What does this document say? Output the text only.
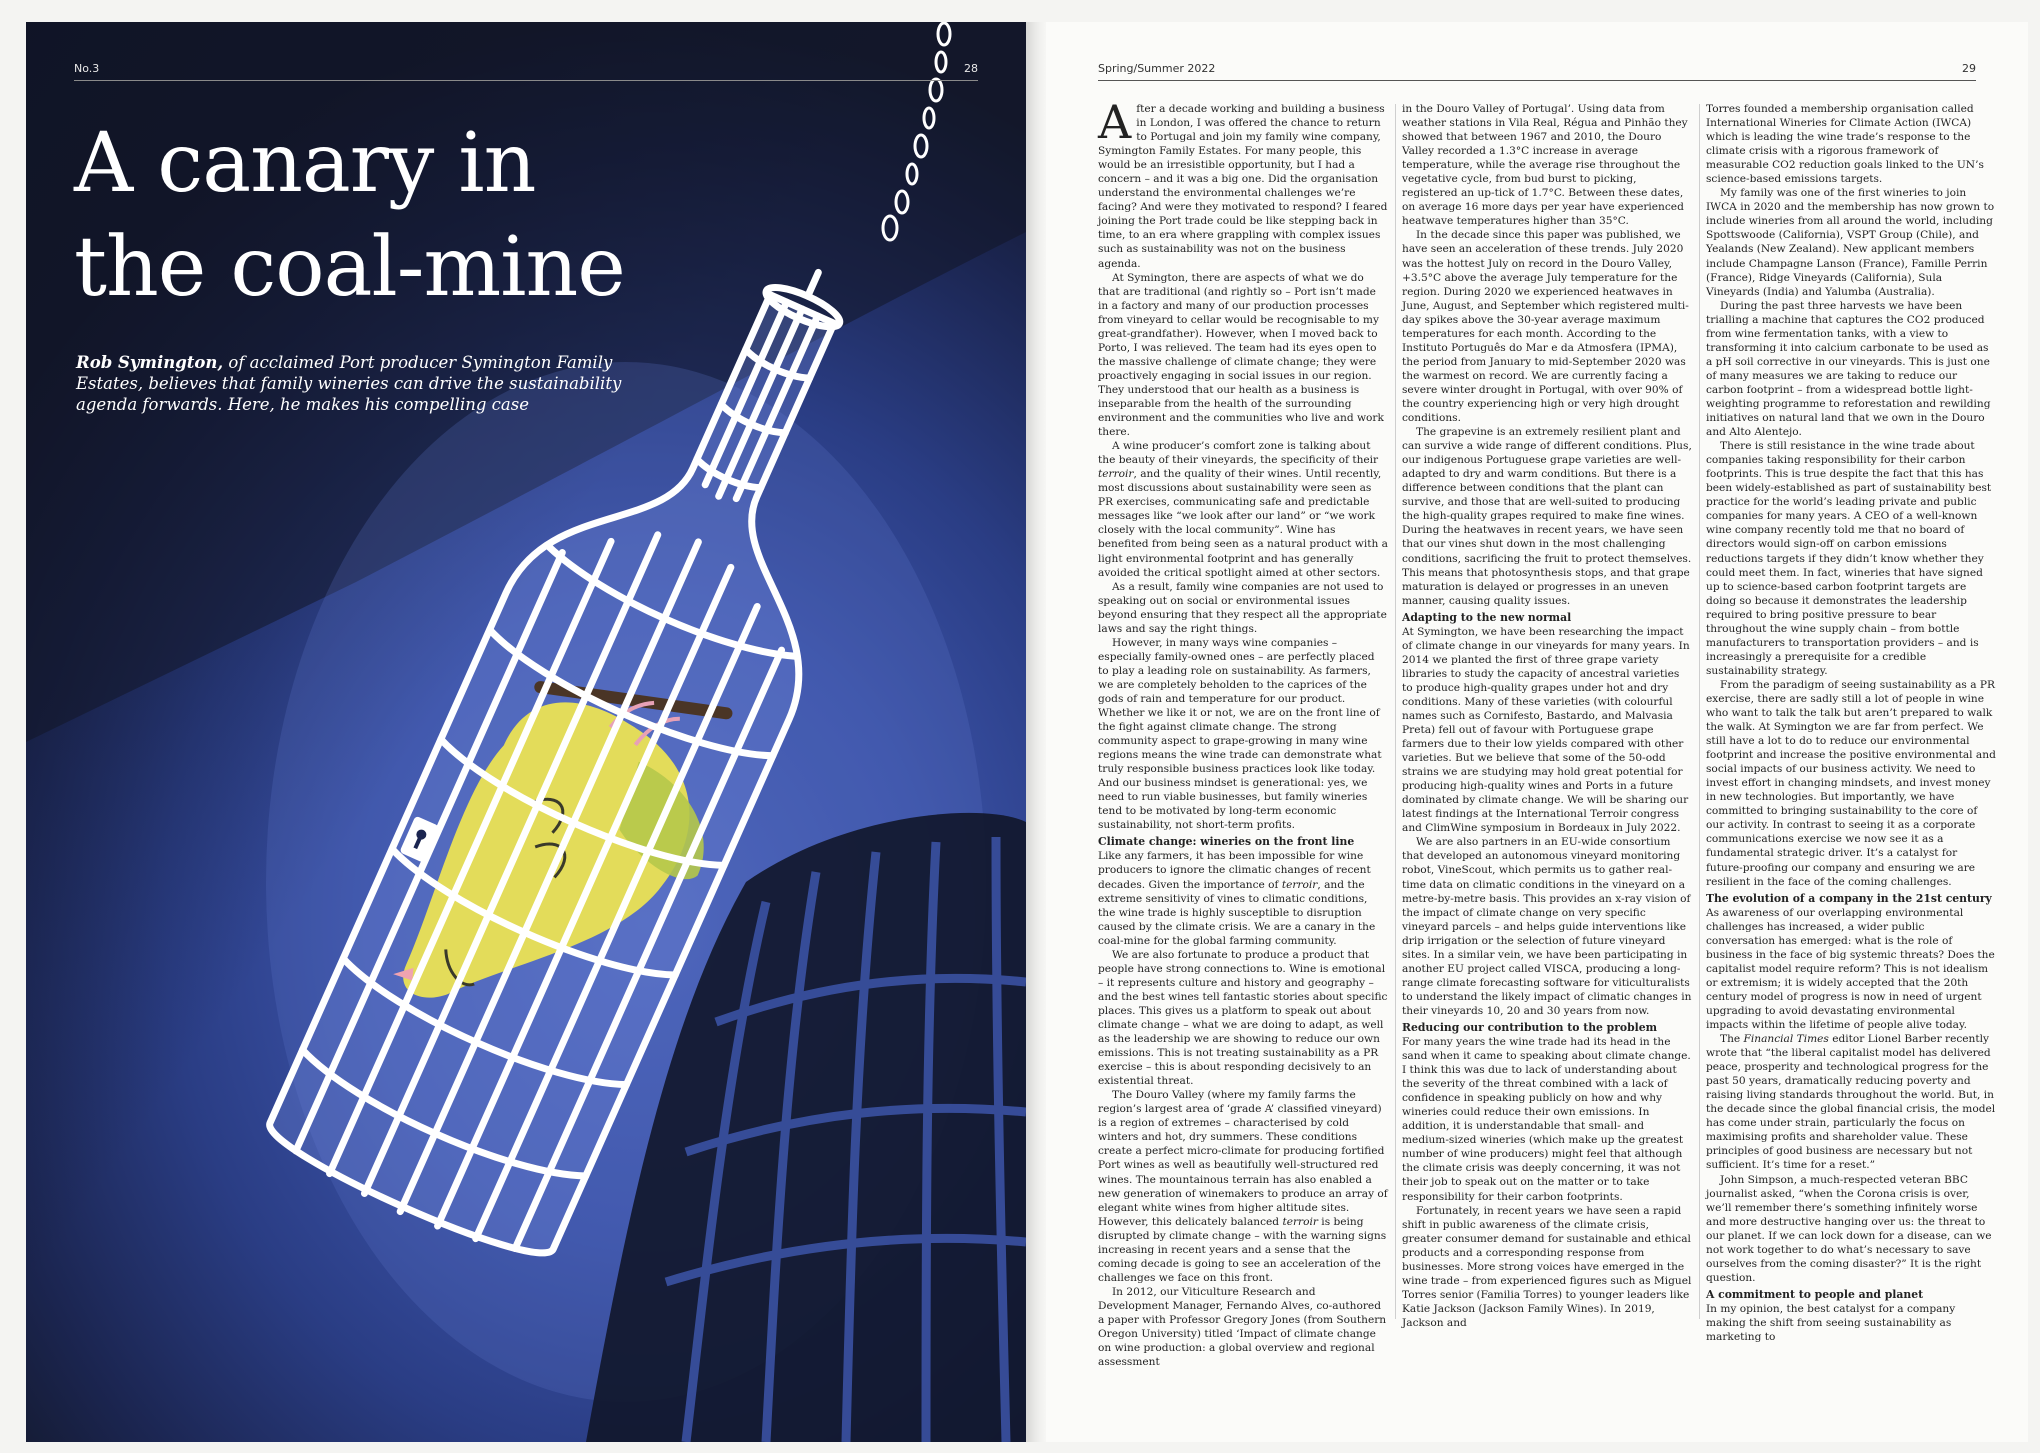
No.3	28
A canary in
the coal-mine

Rob Symington, of acclaimed Port producer Symington Family Estates, believes that family wineries can drive the sustainability agenda forwards. Here, he makes his compelling case

Spring/Summer 2022	29

After a decade working and building a business in London, I was offered the chance to return to Portugal and join my family wine company, Symington Family Estates. For many people, this would be an irresistible opportunity, but I had a concern – and it was a big one. Did the organisation understand the environmental challenges we’re facing? And were they motivated to respond? I feared joining the Port trade could be like stepping back in time, to an era where grappling with complex issues such as sustainability was not on the business agenda.

At Symington, there are aspects of what we do that are traditional (and rightly so – Port isn’t made in a factory and many of our production processes from vineyard to cellar would be recognisable to my great-grandfather). However, when I moved back to Porto, I was relieved. The team had its eyes open to the massive challenge of climate change; they were proactively engaging in social issues in our region. They understood that our health as a business is inseparable from the health of the surrounding environment and the communities who live and work there.

A wine producer’s comfort zone is talking about the beauty of their vineyards, the specificity of their terroir, and the quality of their wines. Until recently, most discussions about sustainability were seen as PR exercises, communicating safe and predictable messages like “we look after our land” or “we work closely with the local community”. Wine has benefited from being seen as a natural product with a light environmental footprint and has generally avoided the critical spotlight aimed at other sectors.

As a result, family wine companies are not used to speaking out on social or environmental issues beyond ensuring that they respect all the appropriate laws and say the right things.

However, in many ways wine companies – especially family-owned ones – are perfectly placed to play a leading role on sustainability. As farmers, we are completely beholden to the caprices of the gods of rain and temperature for our product. Whether we like it or not, we are on the front line of the fight against climate change. The strong community aspect to grape-growing in many wine regions means the wine trade can demonstrate what truly responsible business practices look like today. And our business mindset is generational: yes, we need to run viable businesses, but family wineries tend to be motivated by long-term economic sustainability, not short-term profits.

Climate change: wineries on the front line

Like any farmers, it has been impossible for wine producers to ignore the climatic changes of recent decades. Given the importance of terroir, and the extreme sensitivity of vines to climatic conditions, the wine trade is highly susceptible to disruption caused by the climate crisis. We are a canary in the coal-mine for the global farming community.

We are also fortunate to produce a product that people have strong connections to. Wine is emotional – it represents culture and history and geography – and the best wines tell fantastic stories about specific places. This gives us a platform to speak out about climate change – what we are doing to adapt, as well as the leadership we are showing to reduce our own emissions. This is not treating sustainability as a PR exercise – this is about responding decisively to an existential threat.

The Douro Valley (where my family farms the region’s largest area of ‘grade A’ classified vineyard) is a region of extremes – characterised by cold winters and hot, dry summers. These conditions create a perfect micro-climate for producing fortified Port wines as well as beautifully well-structured red wines. The mountainous terrain has also enabled a new generation of winemakers to produce an array of elegant white wines from higher altitude sites. However, this delicately balanced terroir is being disrupted by climate change – with the warning signs increasing in recent years and a sense that the coming decade is going to see an acceleration of the challenges we face on this front.

In 2012, our Viticulture Research and Development Manager, Fernando Alves, co-authored a paper with Professor Gregory Jones (from Southern Oregon University) titled ‘Impact of climate change on wine production: a global overview and regional assessment

in the Douro Valley of Portugal’. Using data from weather stations in Vila Real, Régua and Pinhão they showed that between 1967 and 2010, the Douro Valley recorded a 1.3°C increase in average temperature, while the average rise throughout the vegetative cycle, from bud burst to picking, registered an up-tick of 1.7°C. Between these dates, on average 16 more days per year have experienced heatwave temperatures higher than 35°C.

In the decade since this paper was published, we have seen an acceleration of these trends. July 2020 was the hottest July on record in the Douro Valley, +3.5°C above the average July temperature for the region. During 2020 we experienced heatwaves in June, August, and September which registered multi-day spikes above the 30-year average maximum temperatures for each month. According to the Instituto Português do Mar e da Atmosfera (IPMA), the period from January to mid-September 2020 was the warmest on record. We are currently facing a severe winter drought in Portugal, with over 90% of the country experiencing high or very high drought conditions.

The grapevine is an extremely resilient plant and can survive a wide range of different conditions. Plus, our indigenous Portuguese grape varieties are well-adapted to dry and warm conditions. But there is a difference between conditions that the plant can survive, and those that are well-suited to producing the high-quality grapes required to make fine wines. During the heatwaves in recent years, we have seen that our vines shut down in the most challenging conditions, sacrificing the fruit to protect themselves. This means that photosynthesis stops, and that grape maturation is delayed or progresses in an uneven manner, causing quality issues.

Adapting to the new normal

At Symington, we have been researching the impact of climate change in our vineyards for many years. In 2014 we planted the first of three grape variety libraries to study the capacity of ancestral varieties to produce high-quality grapes under hot and dry conditions. Many of these varieties (with colourful names such as Cornifesto, Bastardo, and Malvasia Preta) fell out of favour with Portuguese grape farmers due to their low yields compared with other varieties. But we believe that some of the 50-odd strains we are studying may hold great potential for producing high-quality wines and Ports in a future dominated by climate change. We will be sharing our latest findings at the International Terroir congress and ClimWine symposium in Bordeaux in July 2022.

We are also partners in an EU-wide consortium that developed an autonomous vineyard monitoring robot, VineScout, which permits us to gather real-time data on climatic conditions in the vineyard on a metre-by-metre basis. This provides an x-ray vision of the impact of climate change on very specific vineyard parcels – and helps guide interventions like drip irrigation or the selection of future vineyard sites. In a similar vein, we have been participating in another EU project called VISCA, producing a long-range climate forecasting software for viticulturalists to understand the likely impact of climatic changes in their vineyards 10, 20 and 30 years from now.

Reducing our contribution to the problem

For many years the wine trade had its head in the sand when it came to speaking about climate change. I think this was due to lack of understanding about the severity of the threat combined with a lack of confidence in speaking publicly on how and why wineries could reduce their own emissions. In addition, it is understandable that small- and medium-sized wineries (which make up the greatest number of wine producers) might feel that although the climate crisis was deeply concerning, it was not their job to speak out on the matter or to take responsibility for their carbon footprints.

Fortunately, in recent years we have seen a rapid shift in public awareness of the climate crisis, greater consumer demand for sustainable and ethical products and a corresponding response from businesses. More strong voices have emerged in the wine trade – from experienced figures such as Miguel Torres senior (Familia Torres) to younger leaders like Katie Jackson (Jackson Family Wines). In 2019, Jackson and

Torres founded a membership organisation called International Wineries for Climate Action (IWCA) which is leading the wine trade’s response to the climate crisis with a rigorous framework of measurable CO2 reduction goals linked to the UN’s science-based emissions targets.

My family was one of the first wineries to join IWCA in 2020 and the membership has now grown to include wineries from all around the world, including Spottswoode (California), VSPT Group (Chile), and Yealands (New Zealand). New applicant members include Champagne Lanson (France), Famille Perrin (France), Ridge Vineyards (California), Sula Vineyards (India) and Yalumba (Australia).

During the past three harvests we have been trialling a machine that captures the CO2 produced from wine fermentation tanks, with a view to transforming it into calcium carbonate to be used as a pH soil corrective in our vineyards. This is just one of many measures we are taking to reduce our carbon footprint – from a widespread bottle light-weighting programme to reforestation and rewilding initiatives on natural land that we own in the Douro and Alto Alentejo.

There is still resistance in the wine trade about companies taking responsibility for their carbon footprints. This is true despite the fact that this has been widely-established as part of sustainability best practice for the world’s leading private and public companies for many years. A CEO of a well-known wine company recently told me that no board of directors would sign-off on carbon emissions reductions targets if they didn’t know whether they could meet them. In fact, wineries that have signed up to science-based carbon footprint targets are doing so because it demonstrates the leadership required to bring positive pressure to bear throughout the wine supply chain – from bottle manufacturers to transportation providers – and is increasingly a prerequisite for a credible sustainability strategy.

From the paradigm of seeing sustainability as a PR exercise, there are sadly still a lot of people in wine who want to talk the talk but aren’t prepared to walk the walk. At Symington we are far from perfect. We still have a lot to do to reduce our environmental footprint and increase the positive environmental and social impacts of our business activity. We need to invest effort in changing mindsets, and invest money in new technologies. But importantly, we have committed to bringing sustainability to the core of our activity. In contrast to seeing it as a corporate communications exercise we now see it as a fundamental strategic driver. It’s a catalyst for future-proofing our company and ensuring we are resilient in the face of the coming challenges.

The evolution of a company in the 21st century

As awareness of our overlapping environmental challenges has increased, a wider public conversation has emerged: what is the role of business in the face of big systemic threats? Does the capitalist model require reform? This is not idealism or extremism; it is widely accepted that the 20th century model of progress is now in need of urgent upgrading to avoid devastating environmental impacts within the lifetime of people alive today.

The Financial Times editor Lionel Barber recently wrote that “the liberal capitalist model has delivered peace, prosperity and technological progress for the past 50 years, dramatically reducing poverty and raising living standards throughout the world. But, in the decade since the global financial crisis, the model has come under strain, particularly the focus on maximising profits and shareholder value. These principles of good business are necessary but not sufficient. It’s time for a reset.”

John Simpson, a much-respected veteran BBC journalist asked, “when the Corona crisis is over, we’ll remember there’s something infinitely worse and more destructive hanging over us: the threat to our planet. If we can lock down for a disease, can we not work together to do what’s necessary to save ourselves from the coming disaster?” It is the right question.

A commitment to people and planet

In my opinion, the best catalyst for a company making the shift from seeing sustainability as marketing to
